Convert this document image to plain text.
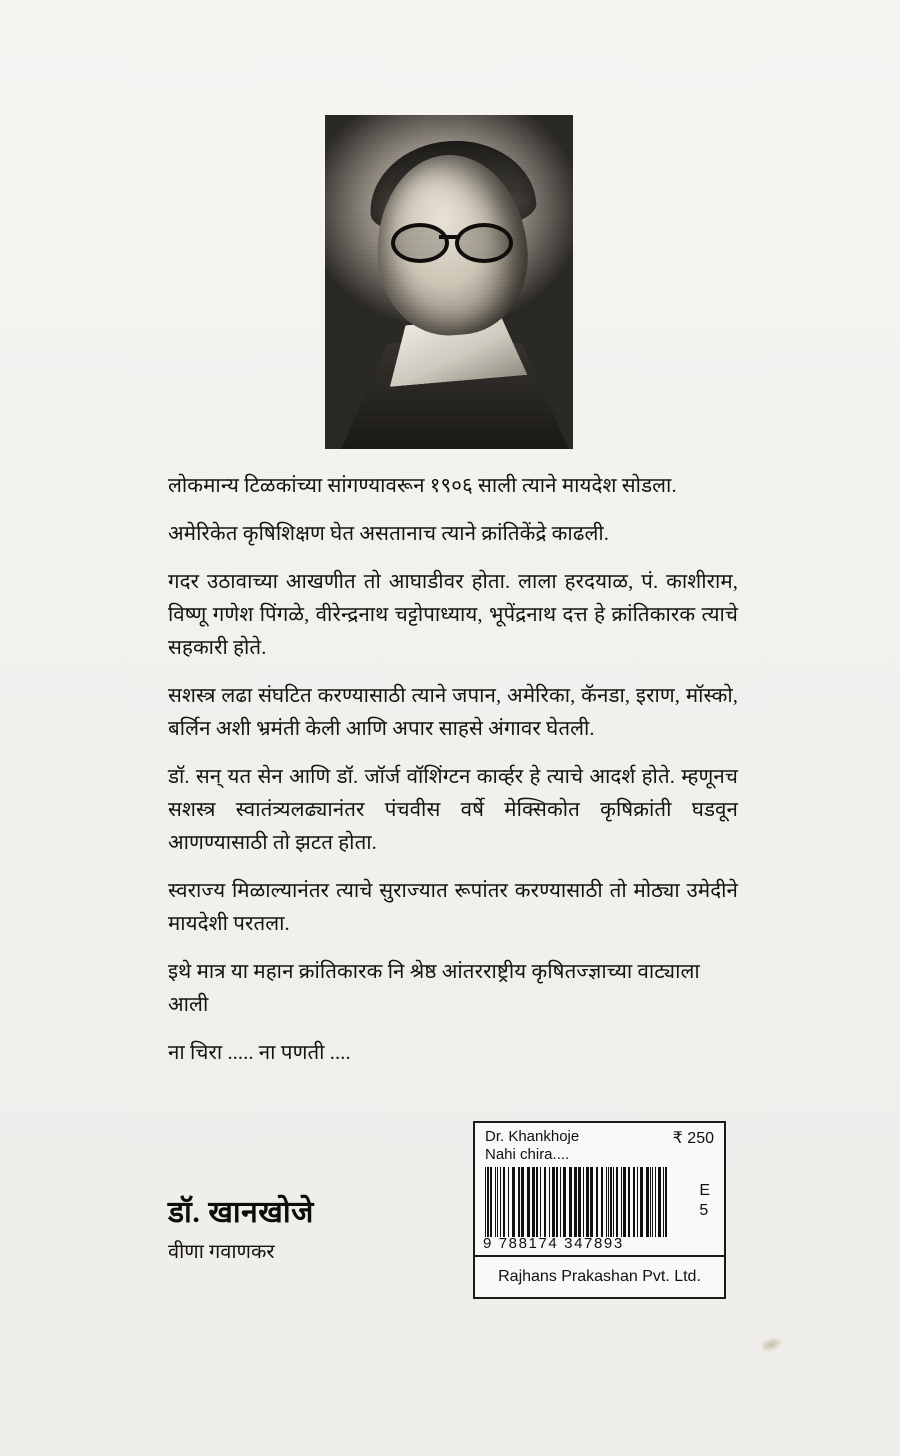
लोकमान्य टिळकांच्या सांगण्यावरून १९०६ साली त्याने मायदेश सोडला.

अमेरिकेत कृषिशिक्षण घेत असतानाच त्याने क्रांतिकेंद्रे काढली.

गदर उठावाच्या आखणीत तो आघाडीवर होता. लाला हरदयाळ, पं. काशीराम, विष्णू गणेश पिंगळे, वीरेन्द्रनाथ चट्टोपाध्याय, भूपेंद्रनाथ दत्त हे क्रांतिकारक त्याचे सहकारी होते.

सशस्त्र लढा संघटित करण्यासाठी त्याने जपान, अमेरिका, कॅनडा, इराण, मॉस्को, बर्लिन अशी भ्रमंती केली आणि अपार साहसे अंगावर घेतली.

डॉ. सन् यत सेन आणि डॉ. जॉर्ज वॉशिंग्टन कार्व्हर हे त्याचे आदर्श होते. म्हणूनच सशस्त्र स्वातंत्र्यलढ्यानंतर पंचवीस वर्षे मेक्सिकोत कृषिक्रांती घडवून आणण्यासाठी तो झटत होता.

स्वराज्य मिळाल्यानंतर त्याचे सुराज्यात रूपांतर करण्यासाठी तो मोठ्या उमेदीने मायदेशी परतला.

इथे मात्र या महान क्रांतिकारक नि श्रेष्ठ आंतरराष्ट्रीय कृषितज्ज्ञाच्या वाट्याला आली

ना चिरा ..... ना पणती ....

डॉ. खानखोजे

वीणा गवाणकर

Dr. Khankhoje
Nahi chira....
₹ 250
9 788174 347893
E
5
Rajhans Prakashan Pvt. Ltd.
